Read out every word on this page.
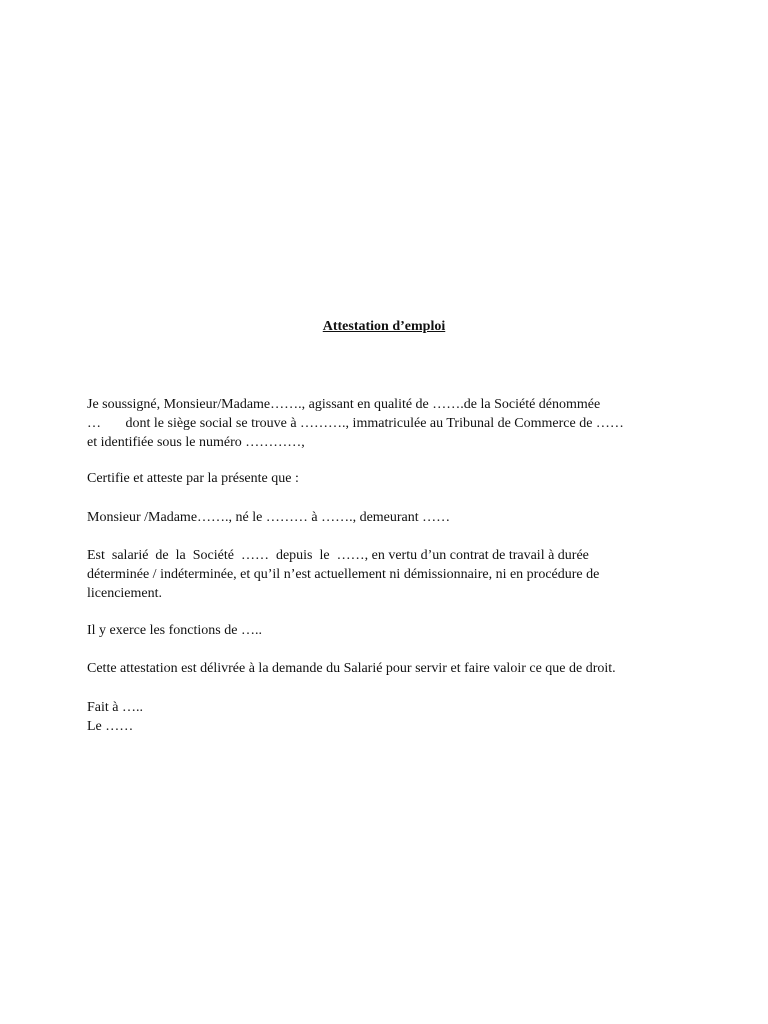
Attestation d’emploi
Je soussigné, Monsieur/Madame……., agissant en qualité de …….de la Société dénommée
…       dont le siège social se trouve à ………., immatriculée au Tribunal de Commerce de ……
et identifiée sous le numéro …………,
Certifie et atteste par la présente que :
Monsieur /Madame……., né le ……… à ……., demeurant ……
Est  salarié  de  la  Société  ……  depuis  le  ……, en vertu d’un contrat de travail à durée
déterminée / indéterminée, et qu’il n’est actuellement ni démissionnaire, ni en procédure de
licenciement.
Il y exerce les fonctions de …..
Cette attestation est délivrée à la demande du Salarié pour servir et faire valoir ce que de droit.
Fait à …..
Le ……
